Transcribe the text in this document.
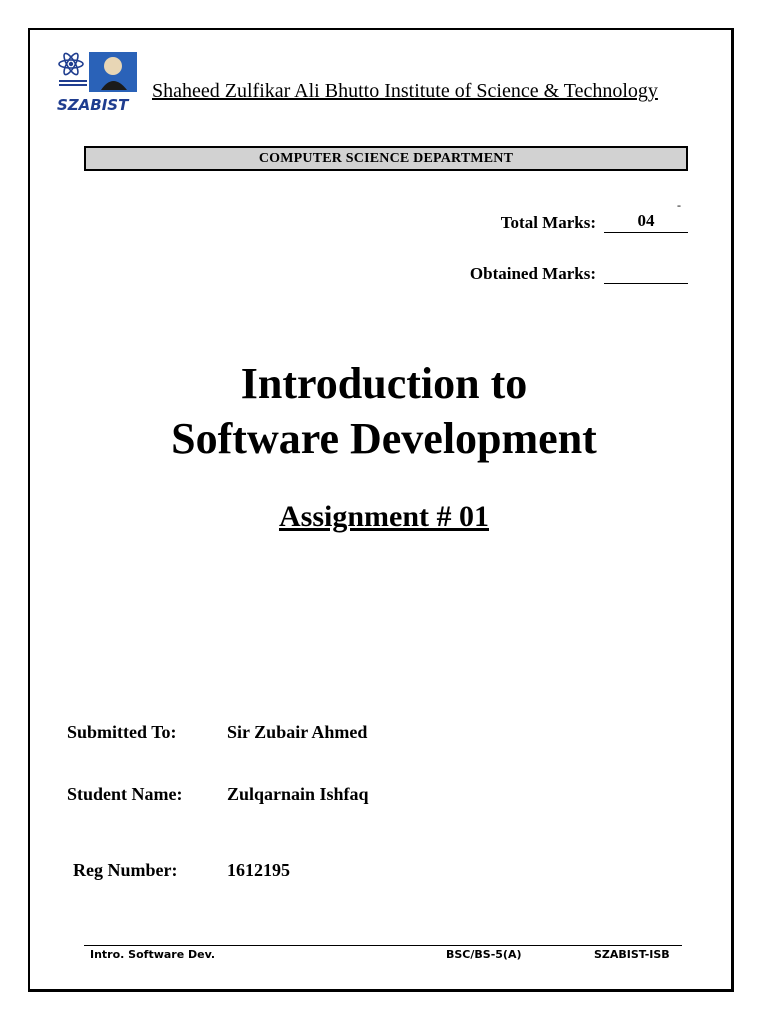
SZABIST
Shaheed Zulfikar Ali Bhutto Institute of Science & Technology
COMPUTER SCIENCE DEPARTMENT
-
Total Marks:	04
Obtained Marks:
Introduction to
Software Development
Assignment # 01
Submitted To:	Sir Zubair Ahmed
Student Name: Zulqarnain Ishfaq
Reg Number:	1612195
Intro. Software Dev.	BSC/BS-5(A)	SZABIST-ISB
